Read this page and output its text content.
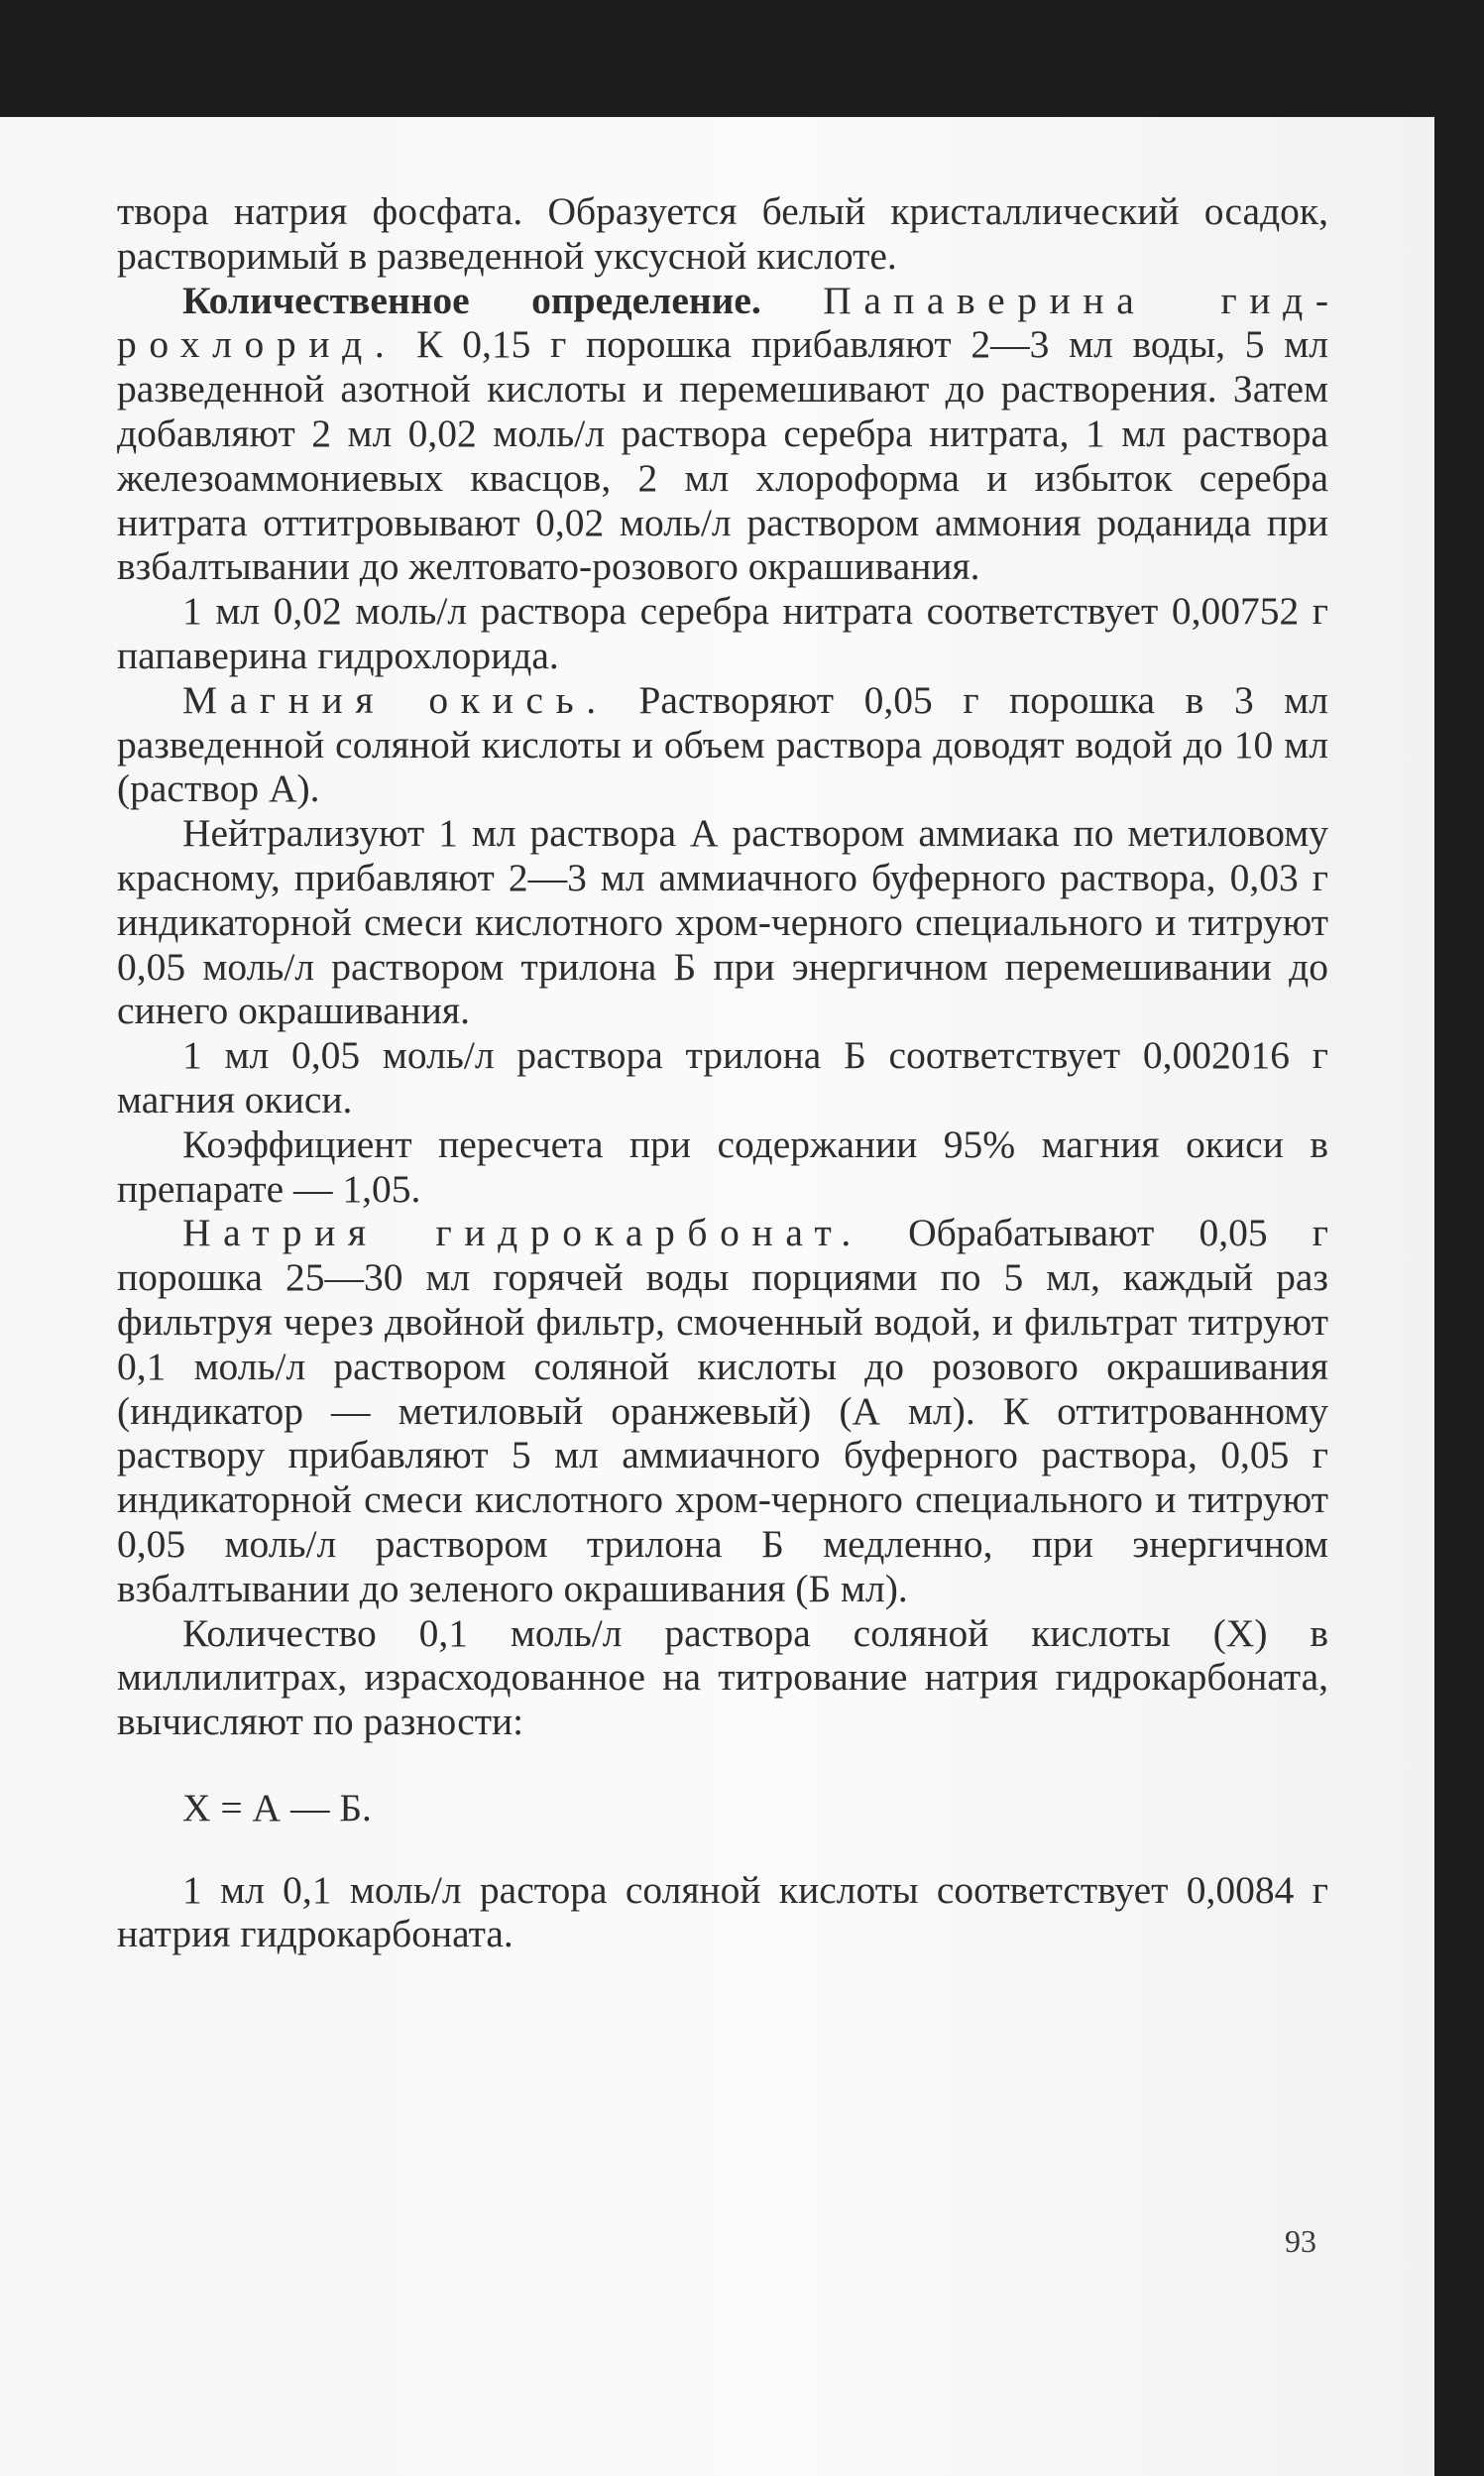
твора натрия фосфата. Образуется белый кристаллический осадок, растворимый в разведенной уксусной кислоте.

Количественное определение. Папаверина гидрохлорид. К 0,15 г порошка прибавляют 2—3 мл воды, 5 мл разведенной азотной кислоты и перемешивают до растворения. Затем добавляют 2 мл 0,02 моль/л раствора серебра нитрата, 1 мл раствора железоаммониевых квасцов, 2 мл хлороформа и избыток серебра нитрата оттитровывают 0,02 моль/л раствором аммония роданида при взбалтывании до желтовато-розового окрашивания.

1 мл 0,02 моль/л раствора серебра нитрата соответствует 0,00752 г папаверина гидрохлорида.

Магния окись. Растворяют 0,05 г порошка в 3 мл разведенной соляной кислоты и объем раствора доводят водой до 10 мл (раствор А).

Нейтрализуют 1 мл раствора А раствором аммиака по метиловому красному, прибавляют 2—3 мл аммиачного буферного раствора, 0,03 г индикаторной смеси кислотного хром-черного специального и титруют 0,05 моль/л раствором трилона Б при энергичном перемешивании до синего окрашивания.

1 мл 0,05 моль/л раствора трилона Б соответствует 0,002016 г магния окиси.

Коэффициент пересчета при содержании 95% магния окиси в препарате — 1,05.

Натрия гидрокарбонат. Обрабатывают 0,05 г порошка 25—30 мл горячей воды порциями по 5 мл, каждый раз фильтруя через двойной фильтр, смоченный водой, и фильтрат титруют 0,1 моль/л раствором соляной кислоты до розового окрашивания (индикатор — метиловый оранжевый) (А мл). К оттитрованному раствору прибавляют 5 мл аммиачного буферного раствора, 0,05 г индикаторной смеси кислотного хром-черного специального и титруют 0,05 моль/л раствором трилона Б медленно, при энергичном взбалтывании до зеленого окрашивания (Б мл).

Количество 0,1 моль/л раствора соляной кислоты (Х) в миллилитрах, израсходованное на титрование натрия гидрокарбоната, вычисляют по разности:

Х = А — Б.

1 мл 0,1 моль/л растора соляной кислоты соответствует 0,0084 г натрия гидрокарбоната.

93
